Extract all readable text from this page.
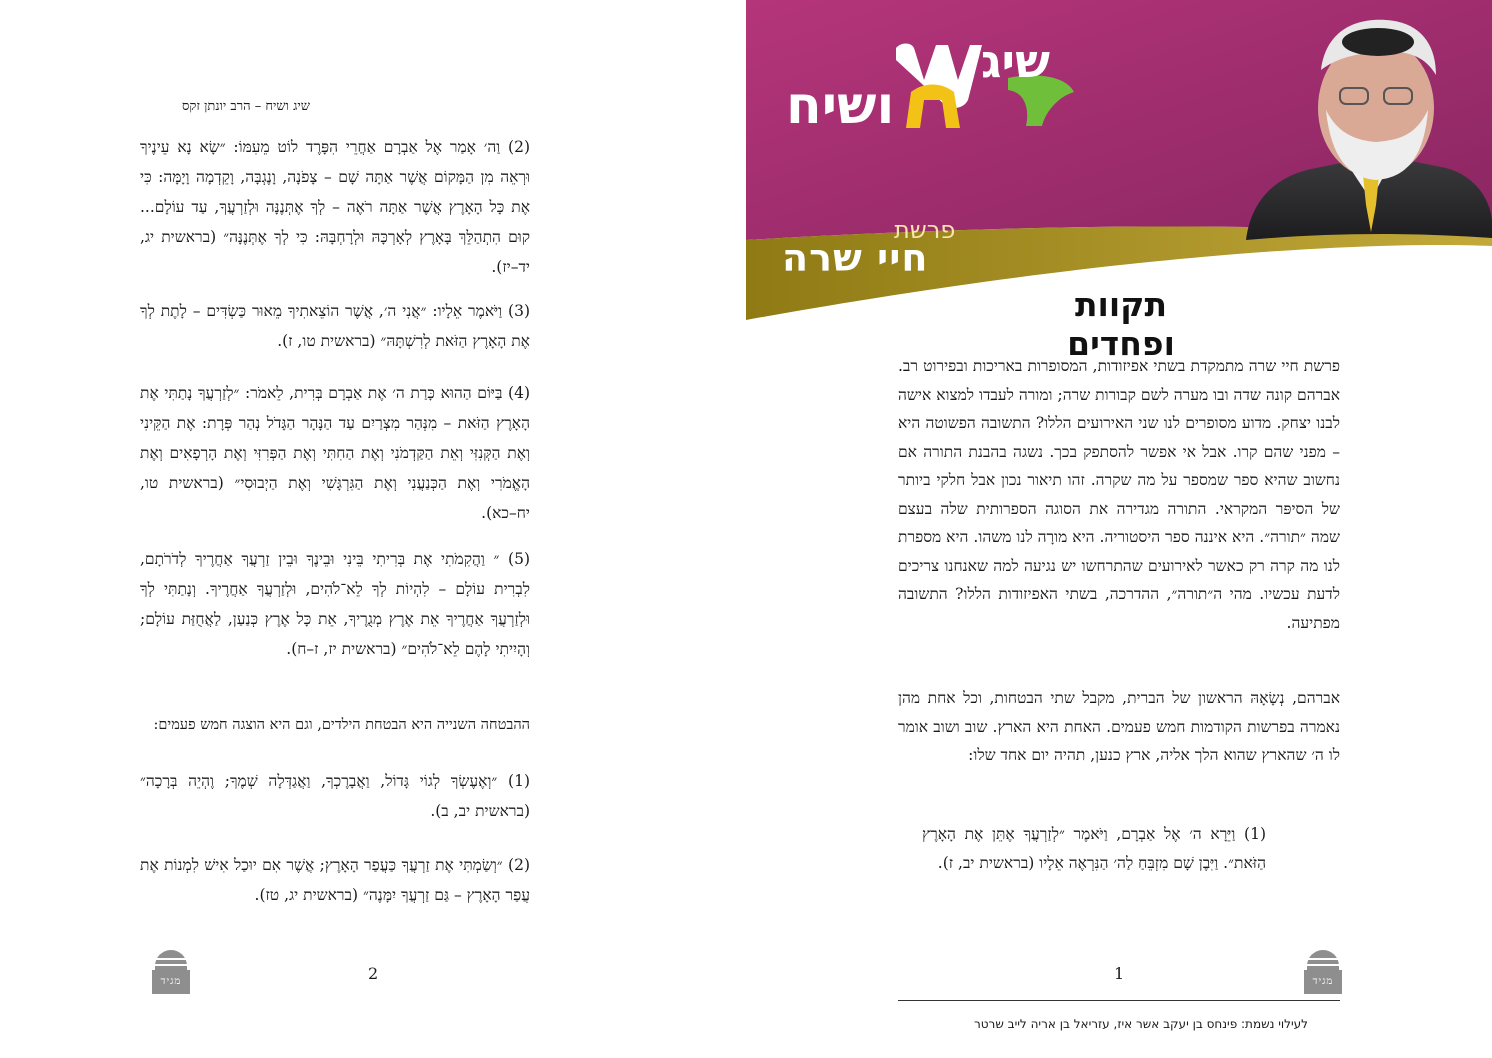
שיג ושיח – הרב יונתן זקס

(2) וַה׳ אָמַר אֶל אַבְרָם אַחֲרֵי הִפָּרֶד לוֹט מֵעִמּוֹ: ״שָׂא נָא עֵינֶיךָ וּרְאֵה מִן הַמָּקוֹם אֲשֶׁר אַתָּה שָׁם – צָפֹנָה, וָנֶגְבָּה, וָקֵדְמָה וָיָמָּה: כִּי אֶת כָּל הָאָרֶץ אֲשֶׁר אַתָּה רֹאֶה – לְךָ אֶתְּנֶנָּה וּלְזַרְעֲךָ, עַד עוֹלָם... קוּם הִתְהַלֵּךְ בָּאָרֶץ לְאָרְכָּהּ וּלְרָחְבָּהּ: כִּי לְךָ אֶתְּנֶנָּה״ (בראשית יג, יד–יז).

(3) וַיֹּאמֶר אֵלָיו: ״אֲנִי ה׳, אֲשֶׁר הוֹצֵאתִיךָ מֵאוּר כַּשְׂדִּים – לָתֶת לְךָ אֶת הָאָרֶץ הַזֹּאת לְרִשְׁתָּהּ״ (בראשית טו, ז).

(4) בַּיּוֹם הַהוּא כָּרַת ה׳ אֶת אַבְרָם בְּרִית, לֵאמֹר: ״לְזַרְעֲךָ נָתַתִּי אֶת הָאָרֶץ הַזֹּאת – מִנְּהַר מִצְרַיִם עַד הַנָּהָר הַגָּדֹל נְהַר פְּרָת: אֶת הַקֵּינִי וְאֶת הַקְּנִזִּי וְאֵת הַקַּדְמֹנִי וְאֶת הַחִתִּי וְאֶת הַפְּרִזִּי וְאֶת הָרְפָאִים וְאֶת הָאֱמֹרִי וְאֶת הַכְּנַעֲנִי וְאֶת הַגִּרְגָּשִׁי וְאֶת הַיְבוּסִי״ (בראשית טו, יח–כא).

(5) ״ וַהֲקִמֹתִי אֶת בְּרִיתִי בֵּינִי וּבֵינֶךָ וּבֵין זַרְעֲךָ אַחֲרֶיךָ לְדֹרֹתָם, לִבְרִית עוֹלָם – לִהְיוֹת לְךָ לֵא־לֹהִים, וּלְזַרְעֲךָ אַחֲרֶיךָ. וְנָתַתִּי לְךָ וּלְזַרְעֲךָ אַחֲרֶיךָ אֵת אֶרֶץ מְגֻרֶיךָ, אֵת כָּל אֶרֶץ כְּנַעַן, לַאֲחֻזַּת עוֹלָם; וְהָיִיתִי לָהֶם לֵא־לֹהִים״ (בראשית יז, ז–ח).

ההבטחה השנייה היא הבטחת הילדים, וגם היא הוצגה חמש פעמים:

(1) ״וְאֶעֶשְׂךָ לְגוֹי גָּדוֹל, וַאֲבָרֶכְךָ, וַאֲגַדְּלָה שְׁמֶךָ; וֶהְיֵה בְּרָכָה״ (בראשית יב, ב).

(2) ״וְשַׂמְתִּי אֶת זַרְעֲךָ כַּעֲפַר הָאָרֶץ; אֲשֶׁר אִם יוּכַל אִישׁ לִמְנוֹת אֶת עֲפַר הָאָרֶץ – גַּם זַרְעֲךָ יִמָּנֶה״ (בראשית יג, טז).

מגיד	2
שיג
ושיח
פרשת
חיי שרה
תקוות ופחדים

פרשת חיי שרה מתמקדת בשתי אפיזודות, המסופרות באריכות ובפירוט רב. אברהם קונה שדה ובו מערה לשם קבורות שרה; ומורה לעבדו למצוא אישה לבנו יצחק. מדוע מסופרים לנו שני האירועים הללו? התשובה הפשוטה היא – מפני שהם קרו. אבל אי אפשר להסתפק בכך. נשגה בהבנת התורה אם נחשוב שהיא ספר שמספר על מה שקרה. זהו תיאור נכון אבל חלקי ביותר של הסיפּר המקראי. התורה מגדירה את הסוגה הספרותית שלה בעצם שמה ״תורה״. היא איננה ספר היסטוריה. היא מורָה לנו משהו. היא מספרת לנו מה קרה רק כאשר לאירועים שהתרחשו יש נגיעה למה שאנחנו צריכים לדעת עכשיו. מהי ה״תורה״, ההדרכה, בשתי האפיזודות הללו? התשובה מפתיעה.

אברהם, נְשָׂאָהּ הראשון של הברית, מקבל שתי הבטחות, וכל אחת מהן נאמרה בפרשות הקודמות חמש פעמים. האחת היא הארץ. שוב ושוב אומר לו ה׳ שהארץ שהוא הלך אליה, ארץ כנען, תהיה יום אחד שלו:

(1) וַיֵּרָא ה׳ אֶל אַבְרָם, וַיֹּאמֶר ״לְזַרְעֲךָ אֶתֵּן אֶת הָאָרֶץ הַזֹּאת״. וַיִּבֶן שָׁם מִזְבֵּחַ לַה׳ הַנִּרְאֶה אֵלָיו (בראשית יב, ז).

1	מגיד
לעילוי נשמת: פינחס בן יעקב אשר איז, עזריאל בן אריה לייב שרטר
